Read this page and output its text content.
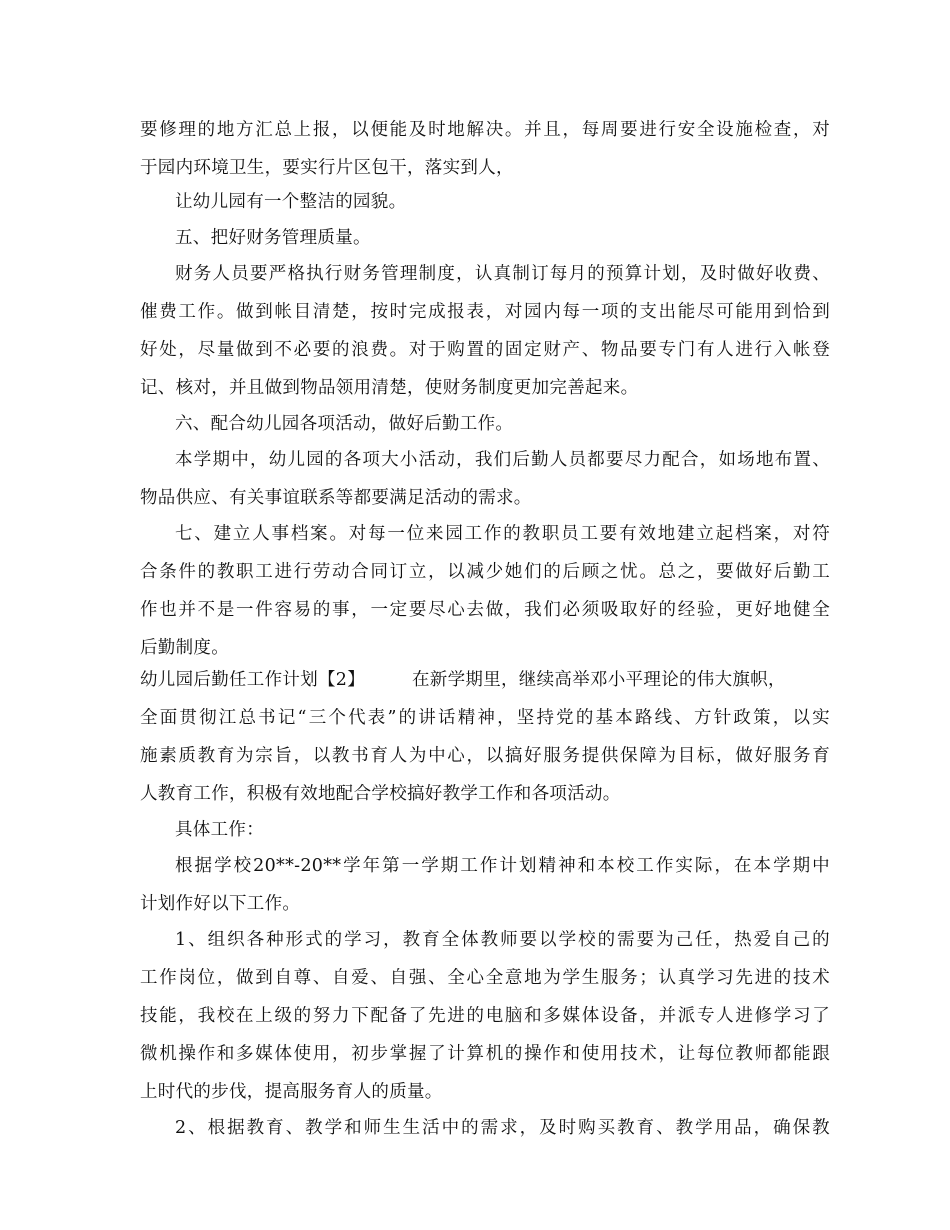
要修理的地方汇总上报，以便能及时地解决。并且，每周要进行安全设施检查，对
于园内环境卫生，要实行片区包干，落实到人，
让幼儿园有一个整洁的园貌。
五、把好财务管理质量。
财务人员要严格执行财务管理制度，认真制订每月的预算计划，及时做好收费、
催费工作。做到帐目清楚，按时完成报表，对园内每一项的支出能尽可能用到恰到
好处，尽量做到不必要的浪费。对于购置的固定财产、物品要专门有人进行入帐登
记、核对，并且做到物品领用清楚，使财务制度更加完善起来。
六、配合幼儿园各项活动，做好后勤工作。
本学期中，幼儿园的各项大小活动，我们后勤人员都要尽力配合，如场地布置、
物品供应、有关事谊联系等都要满足活动的需求。
七、建立人事档案。对每一位来园工作的教职员工要有效地建立起档案，对符
合条件的教职工进行劳动合同订立，以减少她们的后顾之忧。总之，要做好后勤工
作也并不是一件容易的事，一定要尽心去做，我们必须吸取好的经验，更好地健全
后勤制度。
幼儿园后勤任工作计划【2】	在新学期里，继续高举邓小平理论的伟大旗帜，
全面贯彻江总书记“三个代表”的讲话精神，坚持党的基本路线、方针政策，以实
施素质教育为宗旨，以教书育人为中心，以搞好服务提供保障为目标，做好服务育
人教育工作，积极有效地配合学校搞好教学工作和各项活动。
具体工作：
根据学校20**-20**学年第一学期工作计划精神和本校工作实际，在本学期中
计划作好以下工作。
1、组织各种形式的学习，教育全体教师要以学校的需要为己任，热爱自己的
工作岗位，做到自尊、自爱、自强、全心全意地为学生服务；认真学习先进的技术
技能，我校在上级的努力下配备了先进的电脑和多媒体设备，并派专人进修学习了
微机操作和多媒体使用，初步掌握了计算机的操作和使用技术，让每位教师都能跟
上时代的步伐，提高服务育人的质量。
2、根据教育、教学和师生生活中的需求，及时购买教育、教学用品，确保教
